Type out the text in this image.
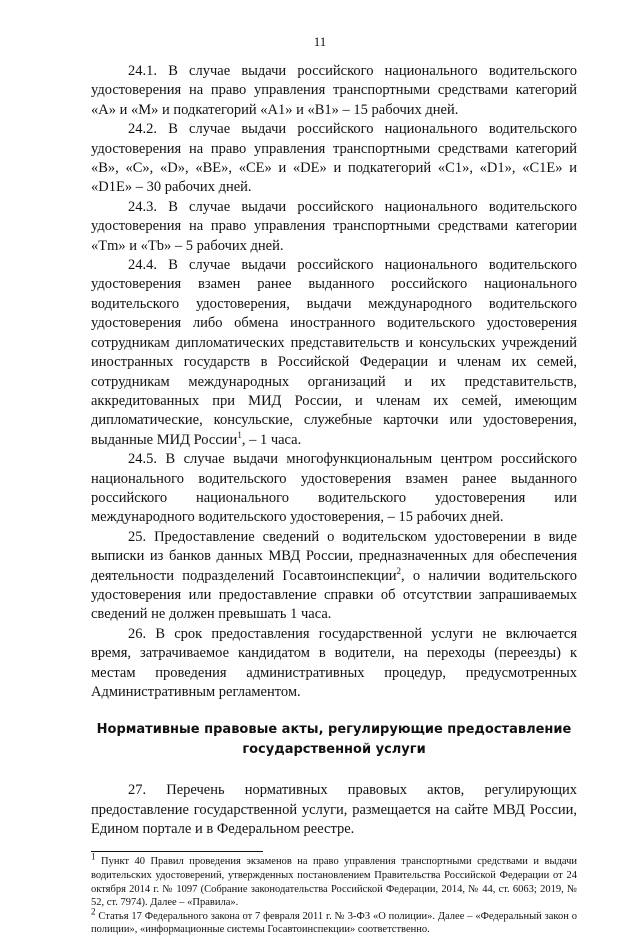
11

24.1. В случае выдачи российского национального водительского удостоверения на право управления транспортными средствами категорий «A» и «M» и подкатегорий «A1» и «B1» – 15 рабочих дней.

24.2. В случае выдачи российского национального водительского удостоверения на право управления транспортными средствами категорий «B», «C», «D», «BE», «CE» и «DE» и подкатегорий «C1», «D1», «C1E» и «D1E» – 30 рабочих дней.

24.3. В случае выдачи российского национального водительского удостоверения на право управления транспортными средствами категории «Tm» и «Tb» – 5 рабочих дней.

24.4. В случае выдачи российского национального водительского удостоверения взамен ранее выданного российского национального водительского удостоверения, выдачи международного водительского удостоверения либо обмена иностранного водительского удостоверения сотрудникам дипломатических представительств и консульских учреждений иностранных государств в Российской Федерации и членам их семей, сотрудникам международных организаций и их представительств, аккредитованных при МИД России, и членам их семей, имеющим дипломатические, консульские, служебные карточки или удостоверения, выданные МИД России$^1$, – 1 часа.

24.5. В случае выдачи многофункциональным центром российского национального водительского удостоверения взамен ранее выданного российского национального водительского удостоверения или международного водительского удостоверения, – 15 рабочих дней.

25. Предоставление сведений о водительском удостоверении в виде выписки из банков данных МВД России, предназначенных для обеспечения деятельности подразделений Госавтоинспекции$^2$, о наличии водительского удостоверения или предоставление справки об отсутствии запрашиваемых сведений не должен превышать 1 часа.

26. В срок предоставления государственной услуги не включается время, затрачиваемое кандидатом в водители, на переходы (переезды) к местам проведения административных процедур, предусмотренных Административным регламентом.

Нормативные правовые акты, регулирующие предоставление государственной услуги

27. Перечень нормативных правовых актов, регулирующих предоставление государственной услуги, размещается на сайте МВД России, Едином портале и в Федеральном реестре.

$^1$ Пункт 40 Правил проведения экзаменов на право управления транспортными средствами и выдачи водительских удостоверений, утвержденных постановлением Правительства Российской Федерации от 24 октября 2014 г. № 1097 (Собрание законодательства Российской Федерации, 2014, № 44, ст. 6063; 2019, № 52, ст. 7974). Далее – «Правила».

$^2$ Статья 17 Федерального закона от 7 февраля 2011 г. № 3-ФЗ «О полиции». Далее – «Федеральный закон о полиции», «информационные системы Госавтоинспекции» соответственно.
